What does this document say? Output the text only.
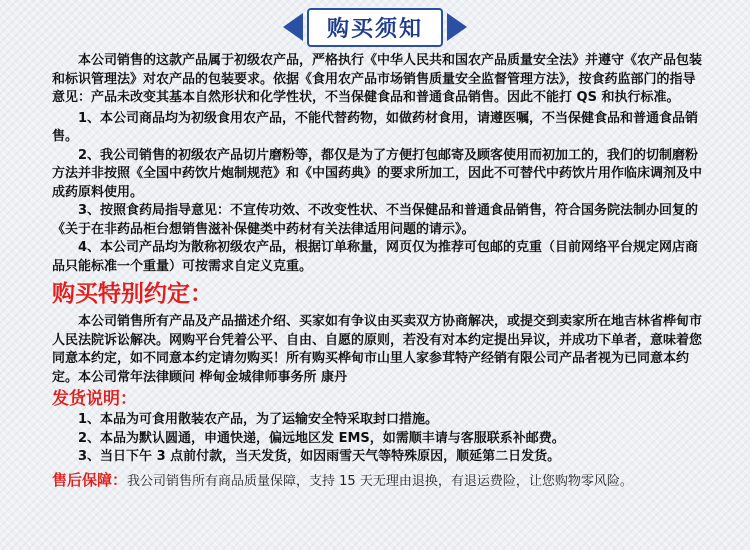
购买须知

本公司销售的这款产品属于初级农产品，严格执行《中华人民共和国农产品质量安全法》并遵守《农产品包装和标识管理法》对农产品的包装要求。依据《食用农产品市场销售质量安全监督管理方法》，按食药监部门的指导意见：产品未改变其基本自然形状和化学性状，不当保健食品和普通食品销售。因此不能打 QS 和执行标准。

1、本公司商品均为初级食用农产品，不能代替药物，如做药材食用，请遵医嘱，不当保健食品和普通食品销售。

2、我公司销售的初级农产品切片磨粉等，都仅是为了方便打包邮寄及顾客使用而初加工的，我们的切制磨粉方法并非按照《全国中药饮片炮制规范》和《中国药典》的要求所加工，因此不可替代中药饮片用作临床调剂及中成药原料使用。

3、按照食药局指导意见：不宣传功效、不改变性状、不当保健品和普通食品销售，符合国务院法制办回复的《关于在非药品柜台想销售滋补保健类中药材有关法律适用问题的请示》。

4、本公司产品均为散称初级农产品，根据订单称量，网页仅为推荐可包邮的克重（目前网络平台规定网店商品只能标准一个重量）可按需求自定义克重。

购买特别约定：

本公司销售所有产品及产品描述介绍、买家如有争议由买卖双方协商解决，或提交到卖家所在地吉林省桦甸市人民法院诉讼解决。网购平台凭着公平、自由、自愿的原则，若没有对本约定提出异议，并成功下单者，意味着您同意本约定，如不同意本约定请勿购买！所有购买桦甸市山里人家参茸特产经销有限公司产品者视为已同意本约定。本公司常年法律顾问 桦甸金城律师事务所 康丹

发货说明：

1、本品为可食用散装农产品，为了运输安全特采取封口措施。

2、本品为默认圆通，申通快递，偏远地区发 EMS，如需顺丰请与客服联系补邮费。

3、当日下午 3 点前付款，当天发货，如因雨雪天气等特殊原因，顺延第二日发货。

售后保障：我公司销售所有商品质量保障，支持 15 天无理由退换，有退运费险，让您购物零风险。
